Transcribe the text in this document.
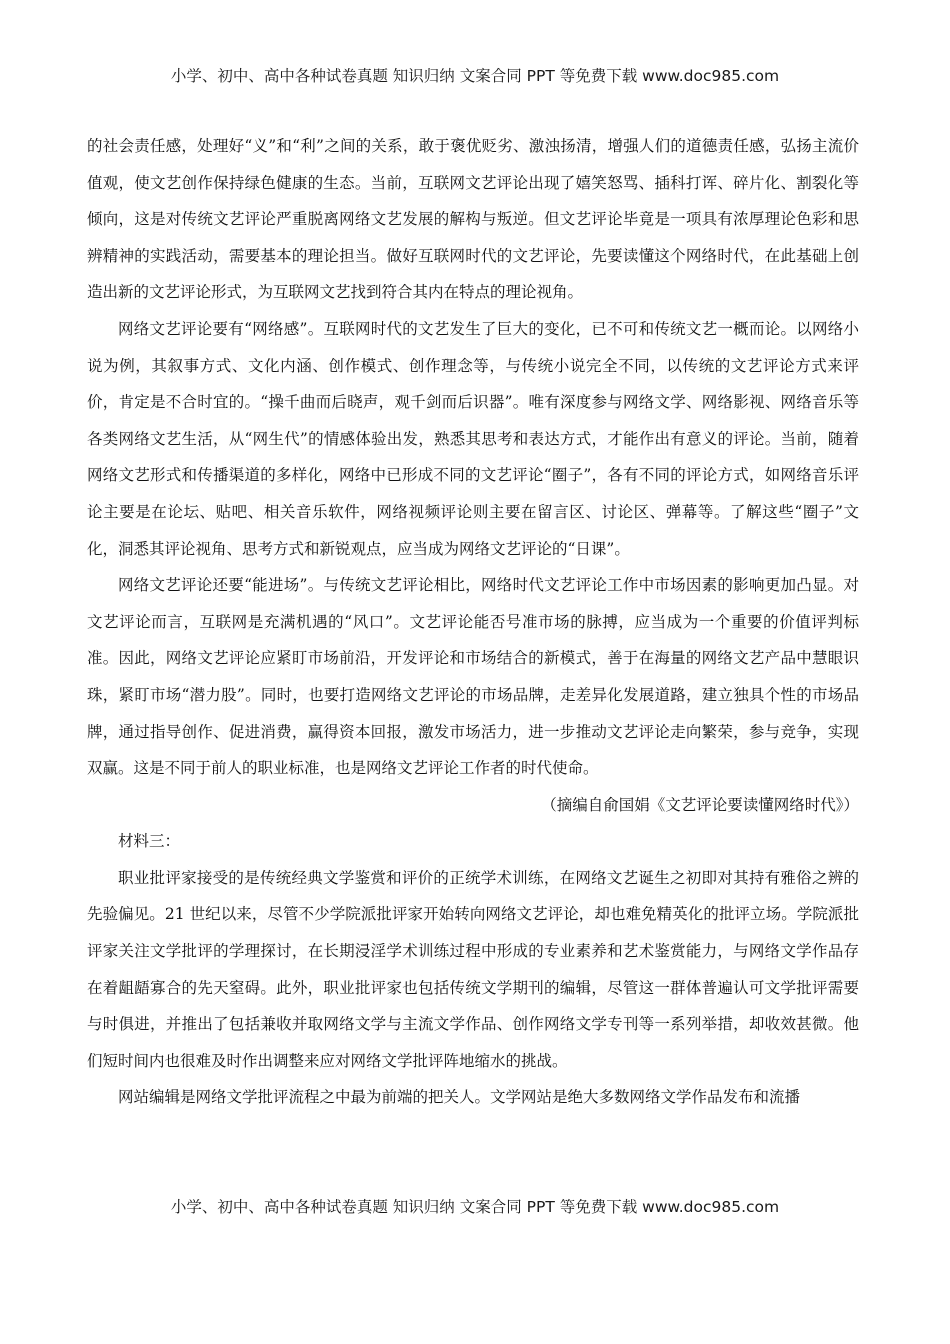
小学、初中、高中各种试卷真题 知识归纳 文案合同 PPT 等免费下载 www.doc985.com

的社会责任感，处理好“义”和“利”之间的关系，敢于褒优贬劣、激浊扬清，增强人们的道德责任感，弘扬主流价值观，使文艺创作保持绿色健康的生态。当前，互联网文艺评论出现了嬉笑怒骂、插科打诨、碎片化、割裂化等倾向，这是对传统文艺评论严重脱离网络文艺发展的解构与叛逆。但文艺评论毕竟是一项具有浓厚理论色彩和思辨精神的实践活动，需要基本的理论担当。做好互联网时代的文艺评论，先要读懂这个网络时代，在此基础上创造出新的文艺评论形式，为互联网文艺找到符合其内在特点的理论视角。

网络文艺评论要有“网络感”。互联网时代的文艺发生了巨大的变化，已不可和传统文艺一概而论。以网络小说为例，其叙事方式、文化内涵、创作模式、创作理念等，与传统小说完全不同，以传统的文艺评论方式来评价，肯定是不合时宜的。“操千曲而后晓声，观千剑而后识器”。唯有深度参与网络文学、网络影视、网络音乐等各类网络文艺生活，从“网生代”的情感体验出发，熟悉其思考和表达方式，才能作出有意义的评论。当前，随着网络文艺形式和传播渠道的多样化，网络中已形成不同的文艺评论“圈子”，各有不同的评论方式，如网络音乐评论主要是在论坛、贴吧、相关音乐软件，网络视频评论则主要在留言区、讨论区、弹幕等。了解这些“圈子”文化，洞悉其评论视角、思考方式和新锐观点，应当成为网络文艺评论的“日课”。

网络文艺评论还要“能进场”。与传统文艺评论相比，网络时代文艺评论工作中市场因素的影响更加凸显。对文艺评论而言，互联网是充满机遇的“风口”。文艺评论能否号准市场的脉搏，应当成为一个重要的价值评判标准。因此，网络文艺评论应紧盯市场前沿，开发评论和市场结合的新模式，善于在海量的网络文艺产品中慧眼识珠，紧盯市场“潜力股”。同时，也要打造网络文艺评论的市场品牌，走差异化发展道路，建立独具个性的市场品牌，通过指导创作、促进消费，赢得资本回报，激发市场活力，进一步推动文艺评论走向繁荣，参与竞争，实现双赢。这是不同于前人的职业标准，也是网络文艺评论工作者的时代使命。

（摘编自俞国娟《文艺评论要读懂网络时代》）

材料三：

职业批评家接受的是传统经典文学鉴赏和评价的正统学术训练，在网络文艺诞生之初即对其持有雅俗之辨的先验偏见。21 世纪以来，尽管不少学院派批评家开始转向网络文艺评论，却也难免精英化的批评立场。学院派批评家关注文学批评的学理探讨，在长期浸淫学术训练过程中形成的专业素养和艺术鉴赏能力，与网络文学作品存在着龃龉寡合的先天窒碍。此外，职业批评家也包括传统文学期刊的编辑，尽管这一群体普遍认可文学批评需要与时俱进，并推出了包括兼收并取网络文学与主流文学作品、创作网络文学专刊等一系列举措，却收效甚微。他们短时间内也很难及时作出调整来应对网络文学批评阵地缩水的挑战。

网站编辑是网络文学批评流程之中最为前端的把关人。文学网站是绝大多数网络文学作品发布和流播

小学、初中、高中各种试卷真题 知识归纳 文案合同 PPT 等免费下载 www.doc985.com
